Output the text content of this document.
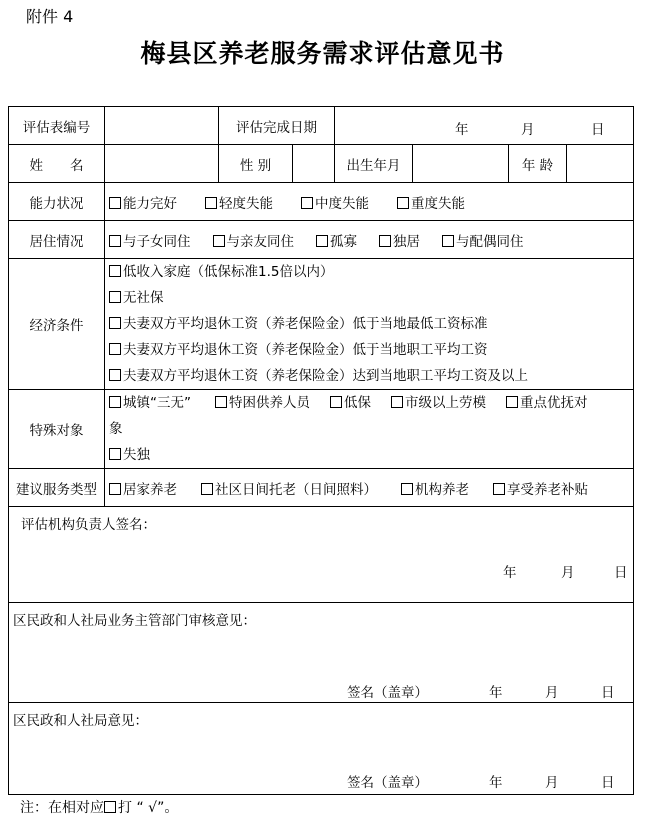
附件 4
梅县区养老服务需求评估意见书
评估表编号		评估完成日期		年 月 日			

姓　　名		性 别		出生年月		年 龄	
能力状况	能力完好 轻度失能 中度失能 重度失能						
居住情况	与子女同住 与亲友同住 孤寡 独居 与配偶同住						
经济条件	低收入家庭（低保标准1.5倍以内）
无社保
夫妻双方平均退休工资（养老保险金）低于当地最低工资标准
夫妻双方平均退休工资（养老保险金）低于当地职工平均工资
夫妻双方平均退休工资（养老保险金）达到当地职工平均工资及以上						

特殊对象	城镇“三无” 特困供养人员 低保 市级以上劳模 重点优抚对
象
失独						

建议服务类型	居家养老 社区日间托老（日间照料） 机构养老 享受养老补贴						

评估机构负责人签名：
年 月 日							

区民政和人社局业务主管部门审核意见：
签名（盖章） 年 月 日							

区民政和人社局意见：
签名（盖章） 年 月 日							
注：在相对应 打 “ √”。
